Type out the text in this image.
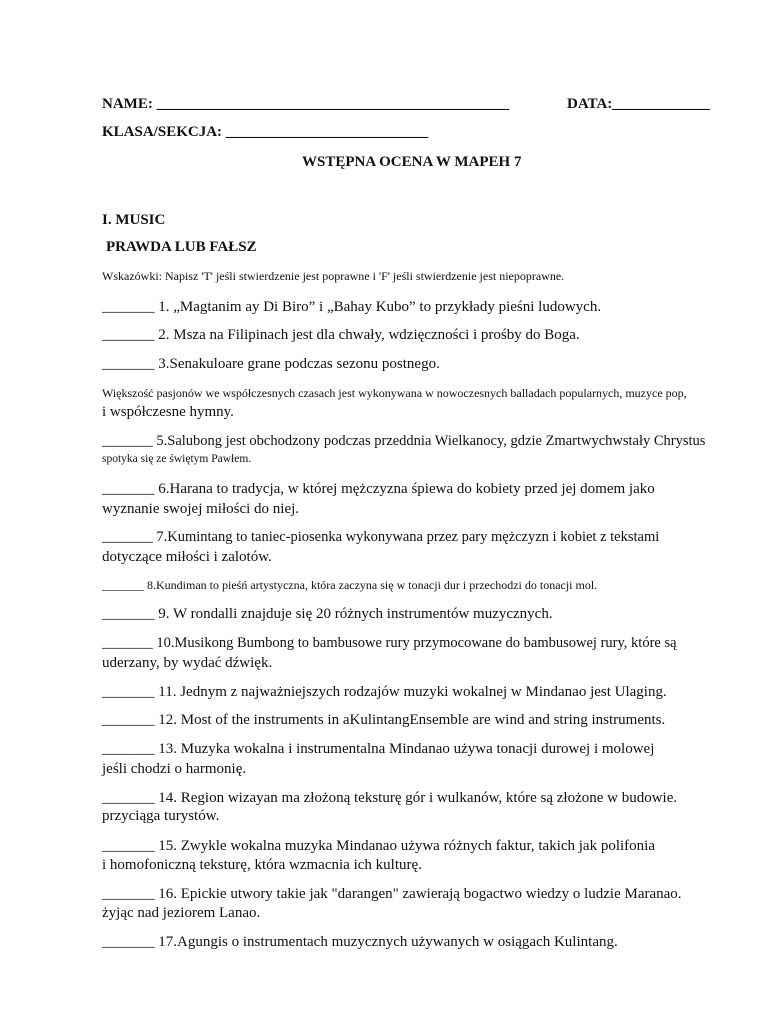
NAME: _______________________________________________	DATA:_____________
KLASA/SEKCJA: ___________________________
WSTĘPNA OCENA W MAPEH 7
I. MUSIC
PRAWDA LUB FAŁSZ
Wskazówki: Napisz 'T' jeśli stwierdzenie jest poprawne i 'F' jeśli stwierdzenie jest niepoprawne.
_______ 1. „Magtanim ay Di Biro” i „Bahay Kubo” to przykłady pieśni ludowych.
_______ 2. Msza na Filipinach jest dla chwały, wdzięczności i prośby do Boga.
_______ 3.Senakuloare grane podczas sezonu postnego.
Większość pasjonów we współczesnych czasach jest wykonywana w nowoczesnych balladach popularnych, muzyce pop,
i współczesne hymny.
_______ 5.Salubong jest obchodzony podczas przeddnia Wielkanocy, gdzie Zmartwychwstały Chrystus
spotyka się ze świętym Pawłem.
_______ 6.Harana to tradycja, w której mężczyzna śpiewa do kobiety przed jej domem jako
wyznanie swojej miłości do niej.
_______ 7.Kumintang to taniec-piosenka wykonywana przez pary mężczyzn i kobiet z tekstami
dotyczące miłości i zalotów.
_______ 8.Kundiman to pieśń artystyczna, która zaczyna się w tonacji dur i przechodzi do tonacji mol.
_______ 9. W rondalli znajduje się 20 różnych instrumentów muzycznych.
_______ 10.Musikong Bumbong to bambusowe rury przymocowane do bambusowej rury, które są
uderzany, by wydać dźwięk.
_______ 11. Jednym z najważniejszych rodzajów muzyki wokalnej w Mindanao jest Ulaging.
_______ 12. Most of the instruments in aKulintangEnsemble are wind and string instruments.
_______ 13. Muzyka wokalna i instrumentalna Mindanao używa tonacji durowej i molowej
jeśli chodzi o harmonię.
_______ 14. Region wizayan ma złożoną teksturę gór i wulkanów, które są złożone w budowie.
przyciąga turystów.
_______ 15. Zwykle wokalna muzyka Mindanao używa różnych faktur, takich jak polifonia
i homofoniczną teksturę, która wzmacnia ich kulturę.
_______ 16. Epickie utwory takie jak "darangen" zawierają bogactwo wiedzy o ludzie Maranao.
żyjąc nad jeziorem Lanao.
_______ 17.Agungis o instrumentach muzycznych używanych w osiągach Kulintang.
